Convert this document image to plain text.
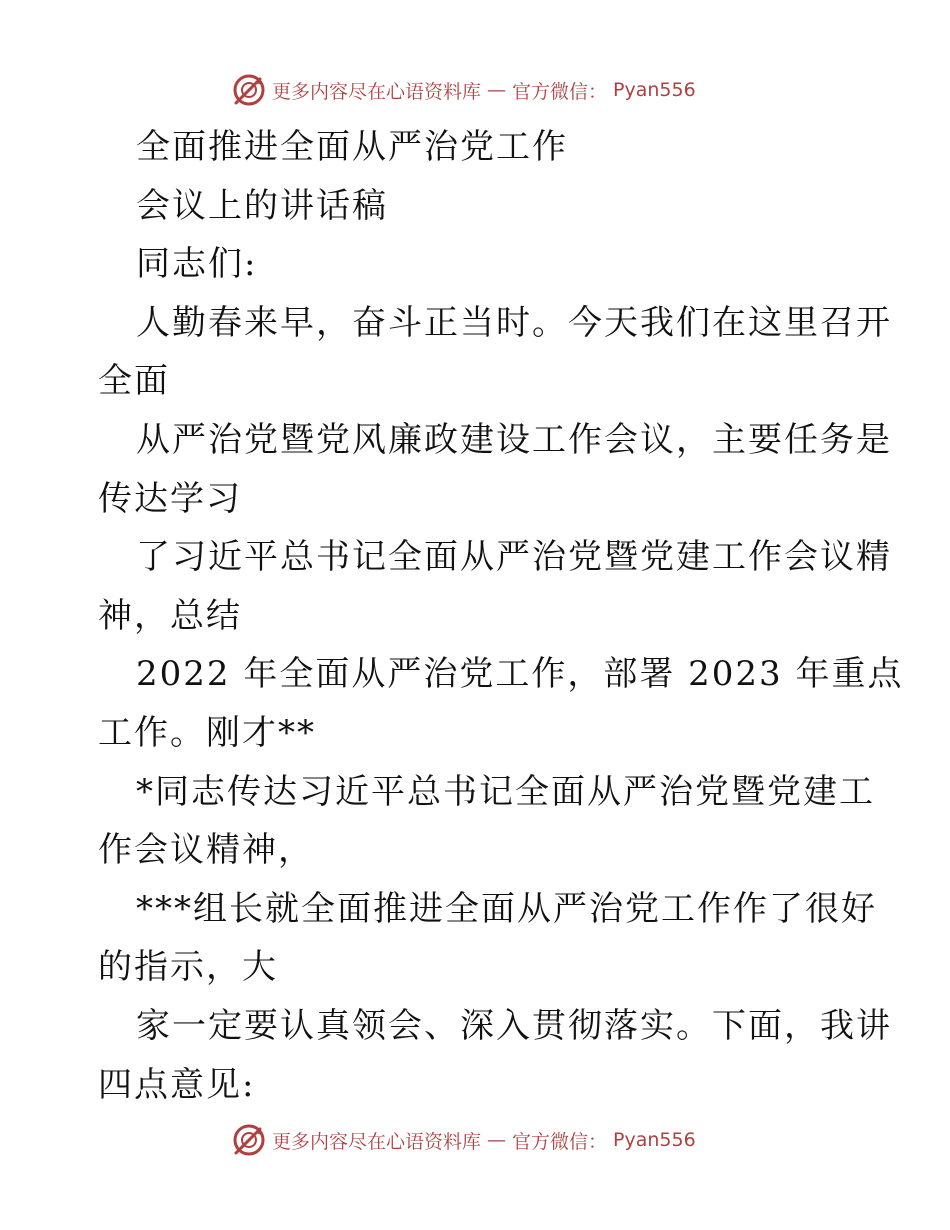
更多内容尽在心语资料库 — 官方微信： Pyan556
全面推进全面从严治党工作
会议上的讲话稿
同志们:
人勤春来早，奋斗正当时。今天我们在这里召开
全面
从严治党暨党风廉政建设工作会议，主要任务是
传达学习
了习近平总书记全面从严治党暨党建工作会议精
神，总结
2022 年全面从严治党工作，部署 2023 年重点
工作。刚才**
*同志传达习近平总书记全面从严治党暨党建工
作会议精神，
***组长就全面推进全面从严治党工作作了很好
的指示，大
家一定要认真领会、深入贯彻落实。下面，我讲
四点意见:
更多内容尽在心语资料库 — 官方微信： Pyan556
